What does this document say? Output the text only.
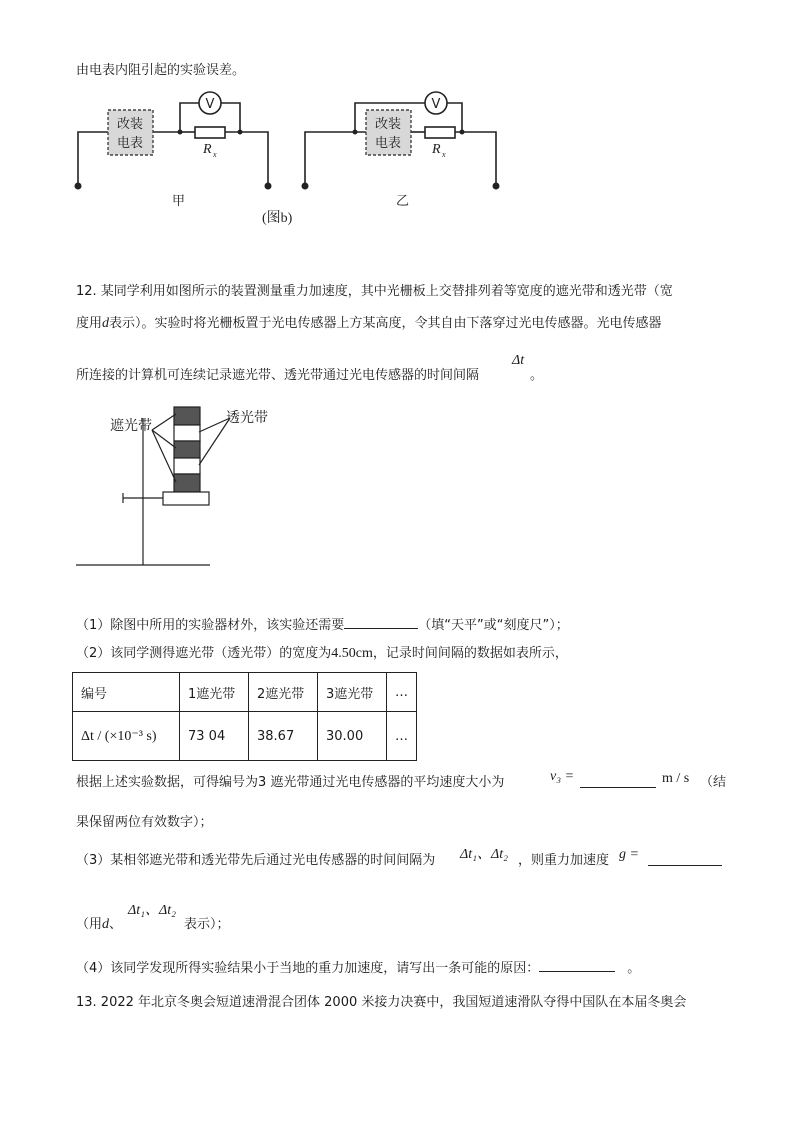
由电表内阻引起的实验误差。
改装
电表
改装
电表
V	V
甲	乙
R x	R x
(图b)
遮光带	透光带
12. 某同学利用如图所示的装置测量重力加速度，其中光栅板上交替排列着等宽度的遮光带和透光带（宽
度用d表示）。实验时将光栅板置于光电传感器上方某高度，令其自由下落穿过光电传感器。光电传感器
所连接的计算机可连续记录遮光带、透光带通过光电传感器的时间间隔
Δt
。
（1）除图中所用的实验器材外，该实验还需要	（填“天平”或“刻度尺”）；
（2）该同学测得遮光带（透光带）的宽度为4.50cm，记录时间间隔的数据如表所示，
编号	1遮光带	2遮光带	3遮光带	…
Δt / (×10⁻³ s)	73 04	38.67	30.00	…
根据上述实验数据，可得编号为3 遮光带通过光电传感器的平均速度大小为	v₃ =	m / s （结
果保留两位有效数字）；
（3）某相邻遮光带和透光带先后通过光电传感器的时间间隔为 Δt₁、Δt₂ ，则重力加速度 g =
（用d、
Δt₁、Δt₂
表示）；
（4）该同学发现所得实验结果小于当地的重力加速度，请写出一条可能的原因：	。
13. 2022 年北京冬奥会短道速滑混合团体 2000 米接力决赛中，我国短道速滑队夺得中国队在本届冬奥会
